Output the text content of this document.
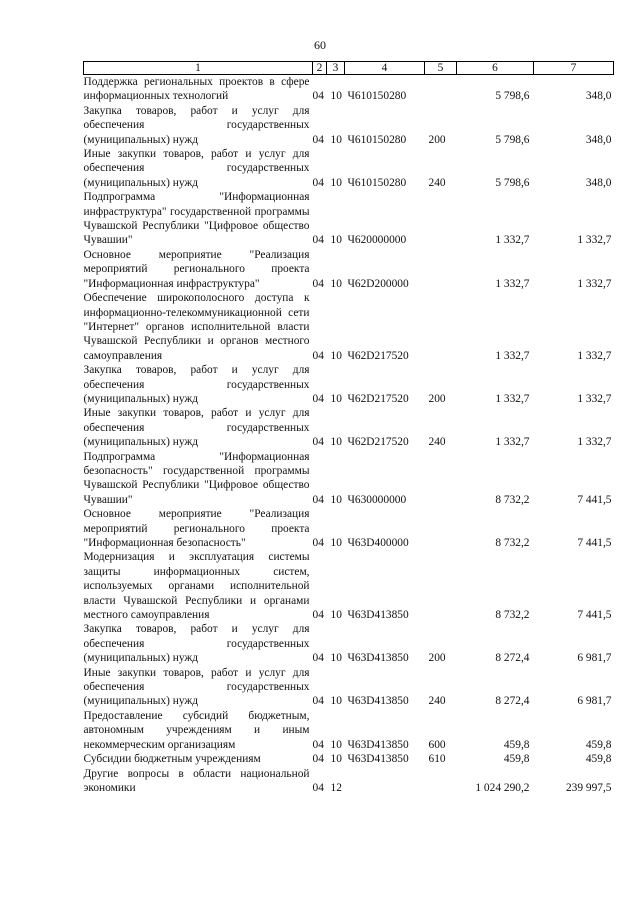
60
1	2	3	4	5	6	7
Поддержка региональных проектов в сфере информационных технологий	04	10	Ч610150280		5 798,6	348,0
Закупка товаров, работ и услуг для обеспечения государственных (муниципальных) нужд	04	10	Ч610150280	200	5 798,6	348,0
Иные закупки товаров, работ и услуг для обеспечения государственных (муниципальных) нужд	04	10	Ч610150280	240	5 798,6	348,0
Подпрограмма "Информационная инфраструктура" государственной программы Чувашской Республики "Цифровое общество Чувашии"	04	10	Ч620000000		1 332,7	1 332,7
Основное мероприятие "Реализация мероприятий регионального проекта "Информационная инфраструктура"	04	10	Ч62D200000		1 332,7	1 332,7
Обеспечение широкополосного доступа к информационно-телекоммуникационной сети "Интернет" органов исполнительной власти Чувашской Республики и органов местного самоуправления	04	10	Ч62D217520		1 332,7	1 332,7
Закупка товаров, работ и услуг для обеспечения государственных (муниципальных) нужд	04	10	Ч62D217520	200	1 332,7	1 332,7
Иные закупки товаров, работ и услуг для обеспечения государственных (муниципальных) нужд	04	10	Ч62D217520	240	1 332,7	1 332,7
Подпрограмма "Информационная безопасность" государственной программы Чувашской Республики "Цифровое общество Чувашии"	04	10	Ч630000000		8 732,2	7 441,5
Основное мероприятие "Реализация мероприятий регионального проекта "Информационная безопасность"	04	10	Ч63D400000		8 732,2	7 441,5
Модернизация и эксплуатация системы защиты информационных систем, используемых органами исполнительной власти Чувашской Республики и органами местного самоуправления	04	10	Ч63D413850		8 732,2	7 441,5
Закупка товаров, работ и услуг для обеспечения государственных (муниципальных) нужд	04	10	Ч63D413850	200	8 272,4	6 981,7
Иные закупки товаров, работ и услуг для обеспечения государственных (муниципальных) нужд	04	10	Ч63D413850	240	8 272,4	6 981,7
Предоставление субсидий бюджетным, автономным учреждениям и иным некоммерческим организациям	04	10	Ч63D413850	600	459,8	459,8
Субсидии бюджетным учреждениям	04	10	Ч63D413850	610	459,8	459,8
Другие вопросы в области национальной экономики	04	12			1 024 290,2	239 997,5
